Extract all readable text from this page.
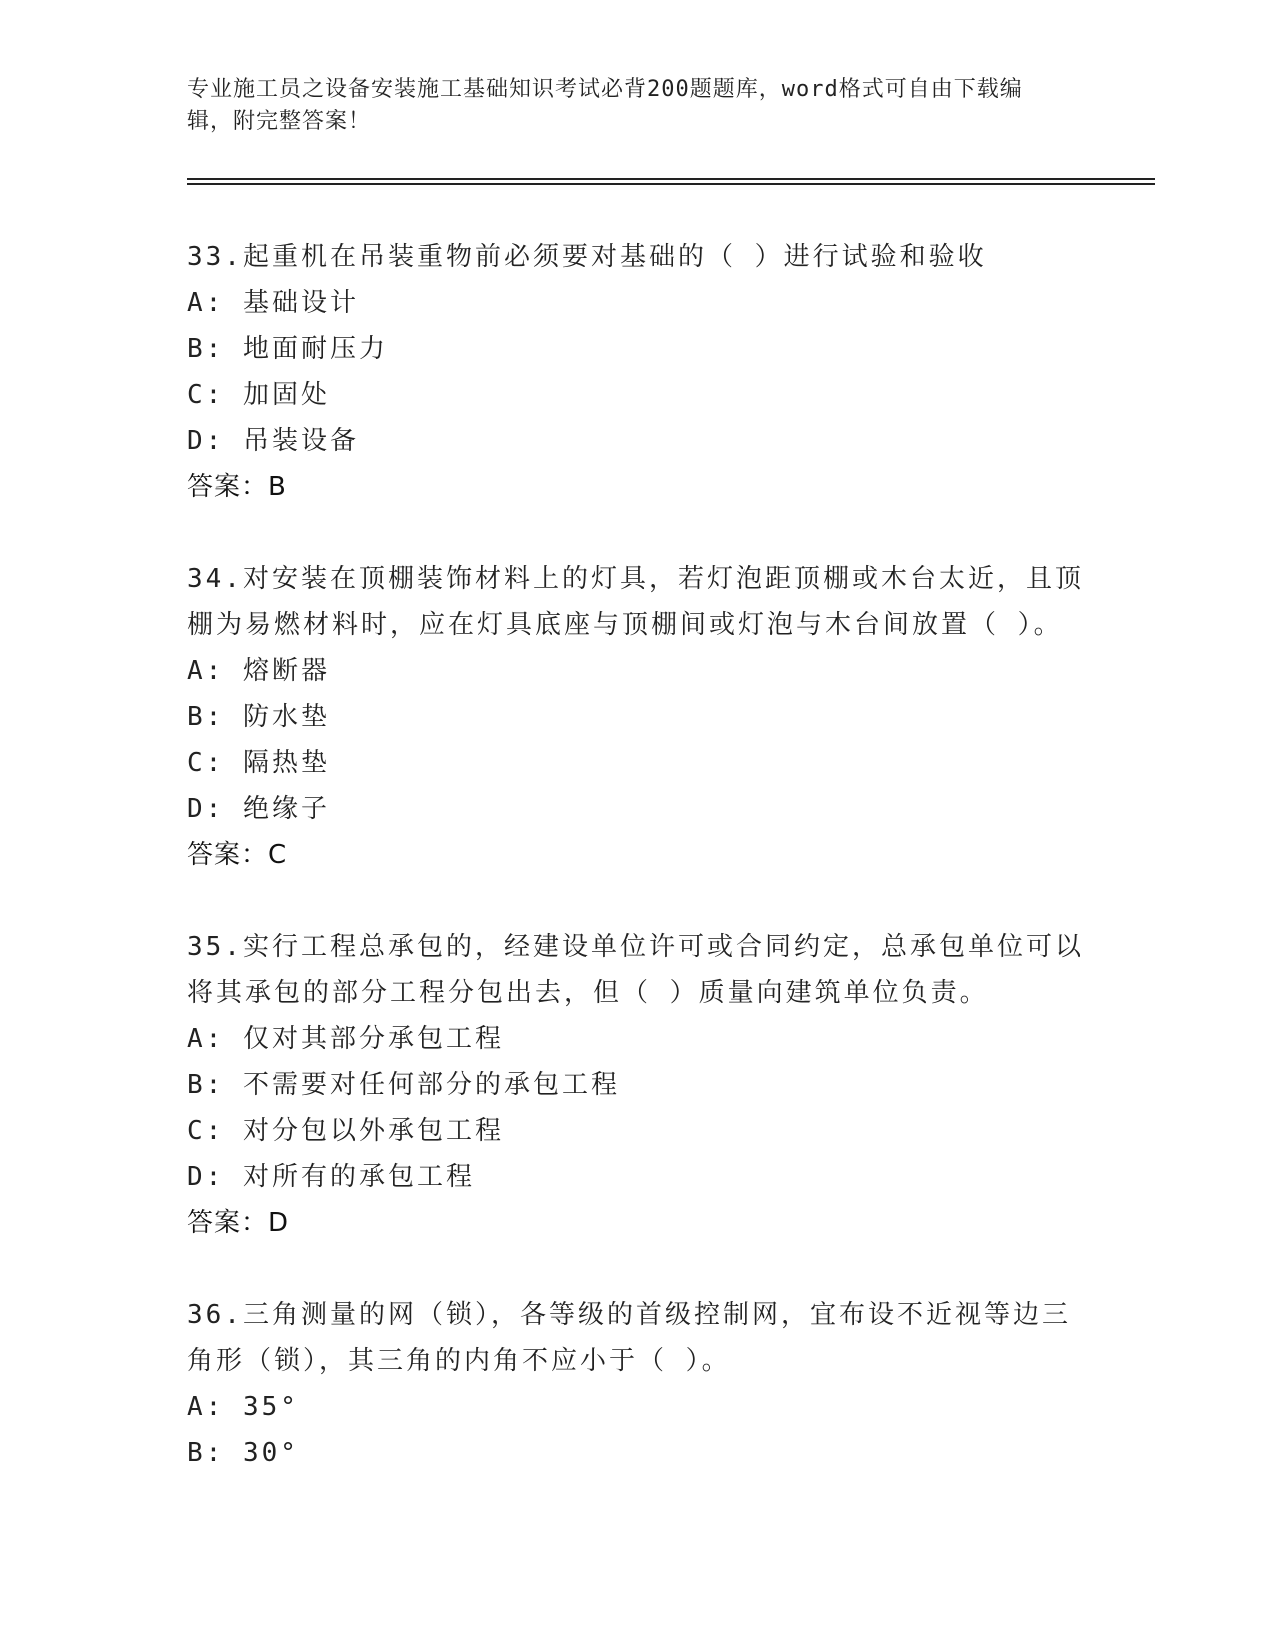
专业施工员之设备安装施工基础知识考试必背200题题库，word格式可自由下载编辑，附完整答案！

33.起重机在吊装重物前必须要对基础的（ ）进行试验和验收

A: 基础设计

B: 地面耐压力

C: 加固处

D: 吊装设备

答案：B

34.对安装在顶棚装饰材料上的灯具，若灯泡距顶棚或木台太近，且顶棚为易燃材料时，应在灯具底座与顶棚间或灯泡与木台间放置（ ）。

A: 熔断器

B: 防水垫

C: 隔热垫

D: 绝缘子

答案：C

35.实行工程总承包的，经建设单位许可或合同约定，总承包单位可以将其承包的部分工程分包出去，但（ ）质量向建筑单位负责。

A: 仅对其部分承包工程

B: 不需要对任何部分的承包工程

C: 对分包以外承包工程

D: 对所有的承包工程

答案：D

36.三角测量的网（锁），各等级的首级控制网，宜布设不近视等边三角形（锁），其三角的内角不应小于（ ）。

A: 35°

B: 30°
